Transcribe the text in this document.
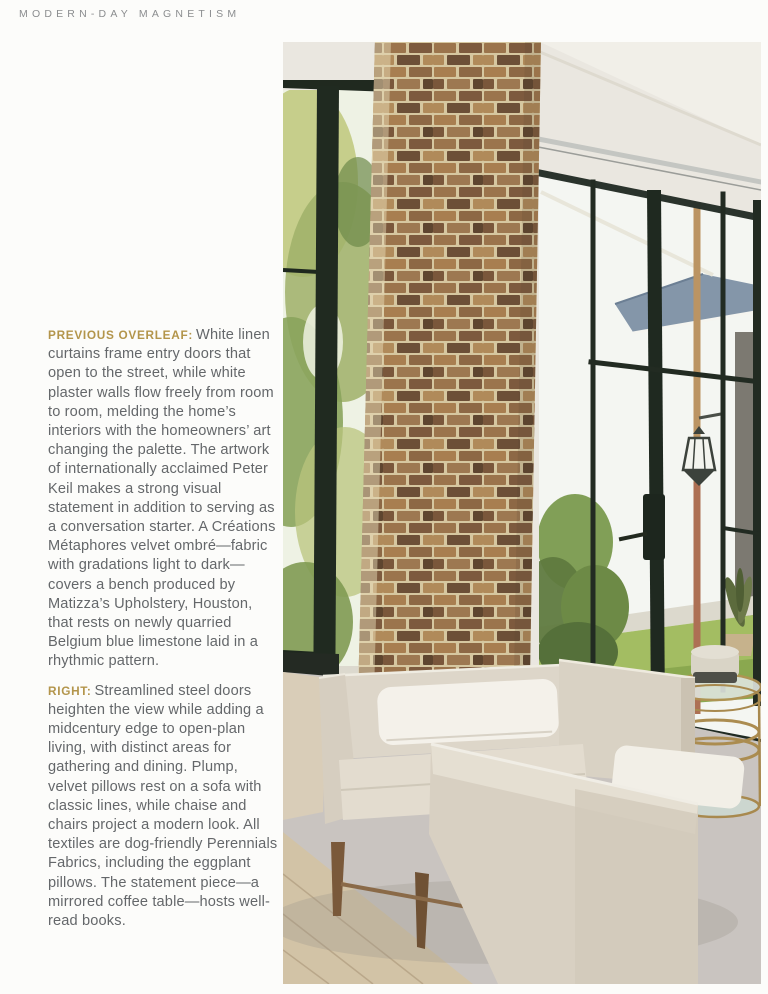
MODERN-DAY MAGNETISM

PREVIOUS OVERLEAF: White linen curtains frame entry doors that open to the street, while white plaster walls flow freely from room to room, melding the home’s interiors with the homeowners’ art changing the palette. The artwork of internationally acclaimed Peter Keil makes a strong visual statement in addition to serving as a conversation starter. A Créations Métaphores velvet ombré—fabric with gradations light to dark—covers a bench produced by Matizza’s Upholstery, Houston, that rests on newly quarried Belgium blue limestone laid in a rhythmic pattern.

RIGHT: Streamlined steel doors heighten the view while adding a midcentury edge to open-plan living, with distinct areas for gathering and dining. Plump, velvet pillows rest on a sofa with classic lines, while chaise and chairs project a modern look. All textiles are dog-friendly Perennials Fabrics, including the eggplant pillows. The statement piece—a mirrored coffee table—hosts well-read books.
